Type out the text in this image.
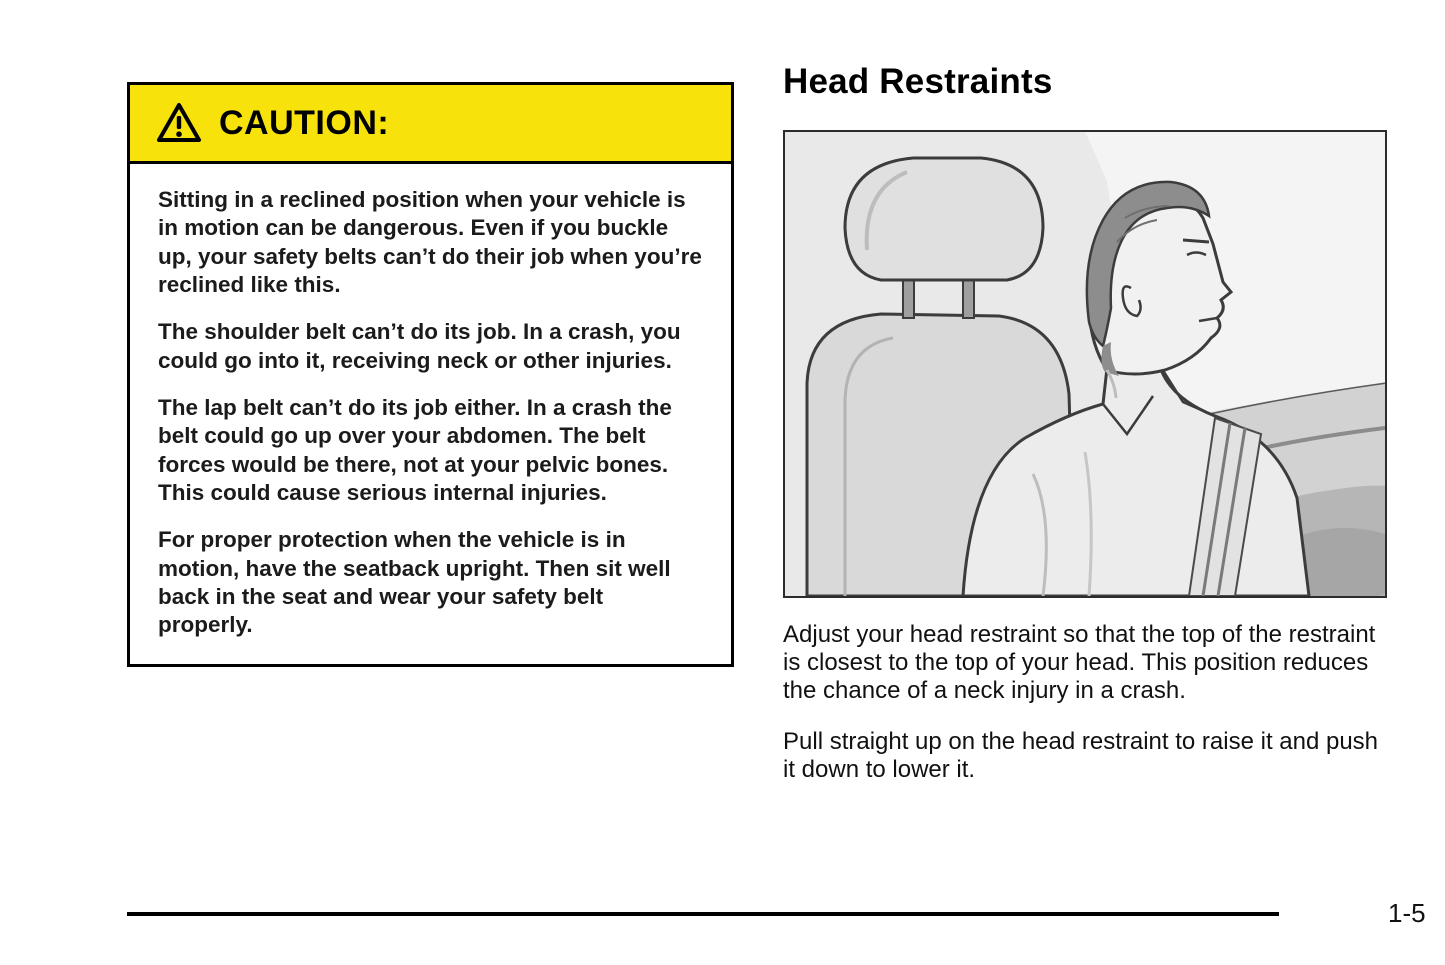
CAUTION:

Sitting in a reclined position when your vehicle is in motion can be dangerous. Even if you buckle up, your safety belts can’t do their job when you’re reclined like this.

The shoulder belt can’t do its job. In a crash, you could go into it, receiving neck or other injuries.

The lap belt can’t do its job either. In a crash the belt could go up over your abdomen. The belt forces would be there, not at your pelvic bones. This could cause serious internal injuries.

For proper protection when the vehicle is in motion, have the seatback upright. Then sit well back in the seat and wear your safety belt properly.

Head Restraints

Adjust your head restraint so that the top of the restraint is closest to the top of your head. This position reduces the chance of a neck injury in a crash.

Pull straight up on the head restraint to raise it and push it down to lower it.

1-5
